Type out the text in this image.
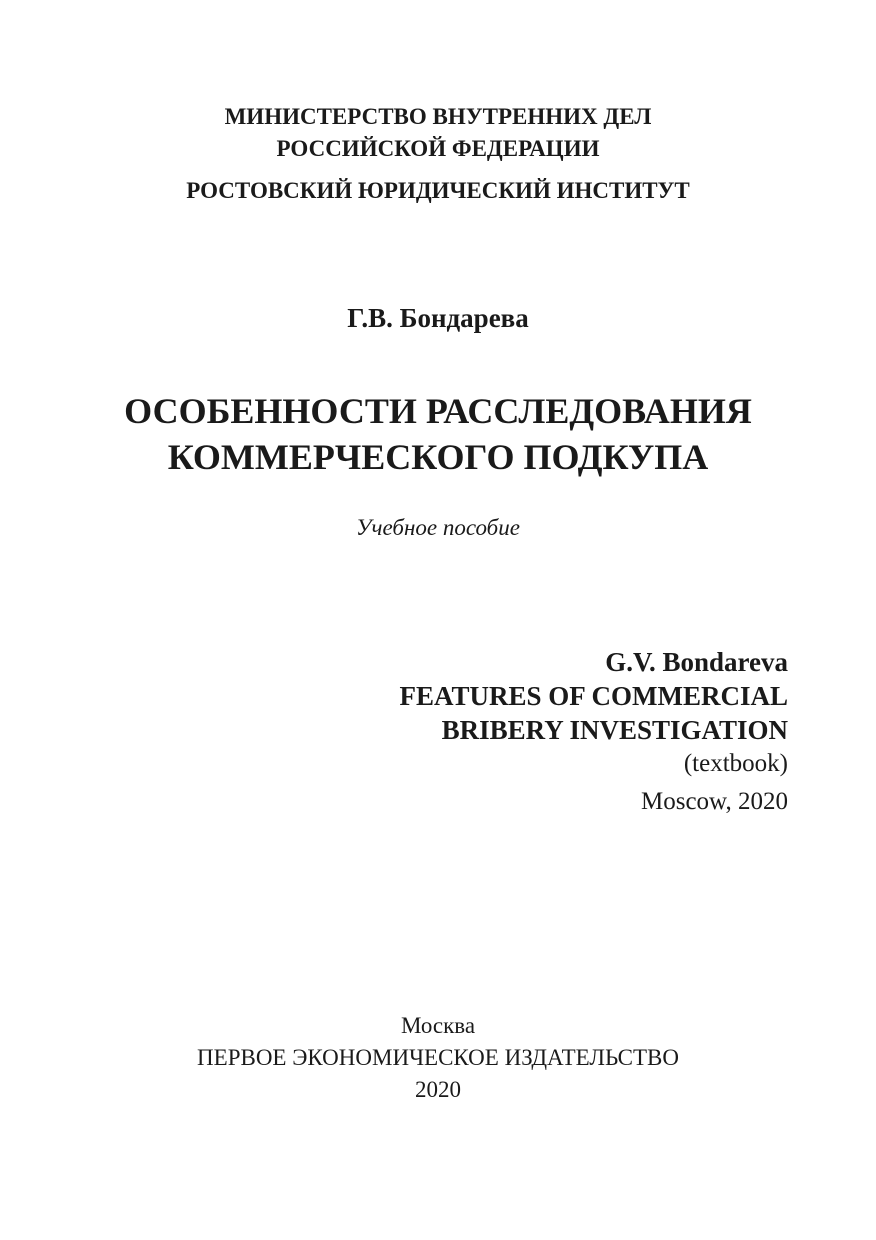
МИНИСТЕРСТВО ВНУТРЕННИХ ДЕЛ
РОССИЙСКОЙ ФЕДЕРАЦИИ
РОСТОВСКИЙ ЮРИДИЧЕСКИЙ ИНСТИТУТ
Г.В. Бондарева
ОСОБЕННОСТИ РАССЛЕДОВАНИЯ
КОММЕРЧЕСКОГО ПОДКУПА
Учебное пособие
G.V. Bondareva
FEATURES OF COMMERCIAL
BRIBERY INVESTIGATION
(textbook)
Moscow, 2020
Москва
ПЕРВОЕ ЭКОНОМИЧЕСКОЕ ИЗДАТЕЛЬСТВО
2020
